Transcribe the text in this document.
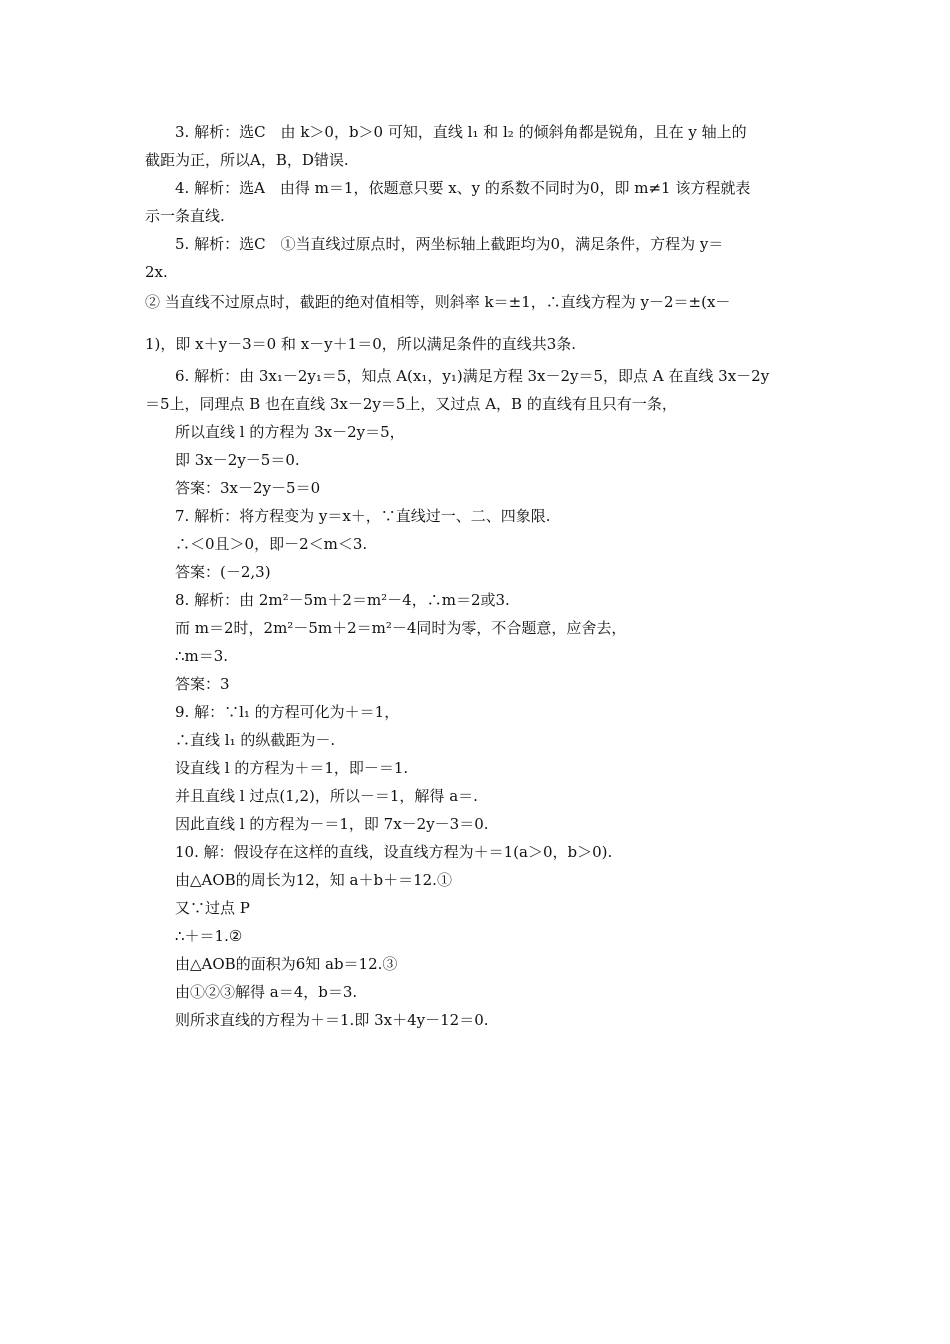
3. 解析：选C　由 k＞0，b＞0 可知，直线 l₁ 和 l₂ 的倾斜角都是锐角，且在 y 轴上的
截距为正，所以A，B，D错误.
4. 解析：选A　由得 m＝1，依题意只要 x、y 的系数不同时为0，即 m≠1 该方程就表
示一条直线.
5. 解析：选C　①当直线过原点时，两坐标轴上截距均为0，满足条件，方程为 y＝
2x.
② 当直线不过原点时，截距的绝对值相等，则斜率 k＝±1，∴直线方程为 y－2＝±(x－
1)，即 x＋y－3＝0 和 x－y＋1＝0，所以满足条件的直线共3条.
6. 解析：由 3x₁－2y₁＝5，知点 A(x₁，y₁)满足方程 3x－2y＝5，即点 A 在直线 3x－2y
＝5上，同理点 B 也在直线 3x－2y＝5上，又过点 A，B 的直线有且只有一条，
所以直线 l 的方程为 3x－2y＝5，
即 3x－2y－5＝0.
答案：3x－2y－5＝0
7. 解析：将方程变为 y＝x＋，∵直线过一、二、四象限.
∴＜0且＞0，即－2＜m＜3.
答案：(－2,3)
8. 解析：由 2m²－5m＋2＝m²－4，∴m＝2或3.
而 m＝2时，2m²－5m＋2＝m²－4同时为零，不合题意，应舍去，
∴m＝3.
答案：3
9. 解：∵l₁ 的方程可化为＋＝1，
∴直线 l₁ 的纵截距为－.
设直线 l 的方程为＋＝1，即－＝1.
并且直线 l 过点(1,2)，所以－＝1，解得 a＝.
因此直线 l 的方程为－＝1，即 7x－2y－3＝0.
10. 解：假设存在这样的直线，设直线方程为＋＝1(a＞0，b＞0).
由△AOB的周长为12，知 a＋b＋＝12.①
又∵过点 P
∴＋＝1.②
由△AOB的面积为6知 ab＝12.③
由①②③解得 a＝4，b＝3.
则所求直线的方程为＋＝1.即 3x＋4y－12＝0.
